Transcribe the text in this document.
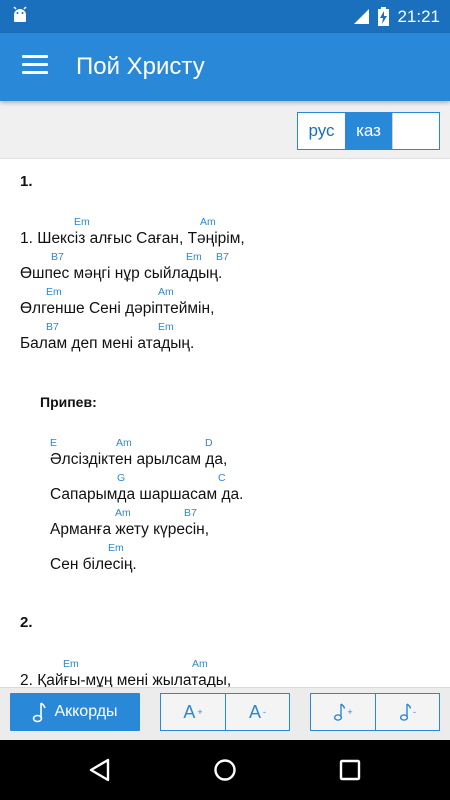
21:21
Пой Христу
рус	каз
1.
Em	Am
1. Шексіз алғыс Саған, Тәңірім,
B7	Em B7
Өшпес мәңгі нұр сыйладың.
Em	Am
Өлгенше Сені дәріптеймін,
B7	Em
Балам деп мені атадың.
Припев:
E	Am	D
Әлсіздіктен арылсам да,
G	C
Сапарымда шаршасам да.
Am	B7
Арманға жету күресін,
Em
Сен білесің.
2.
Em	Am
2. Қайғы-мұң мені жылатады,
Аккорды	A +	A -	+	-
